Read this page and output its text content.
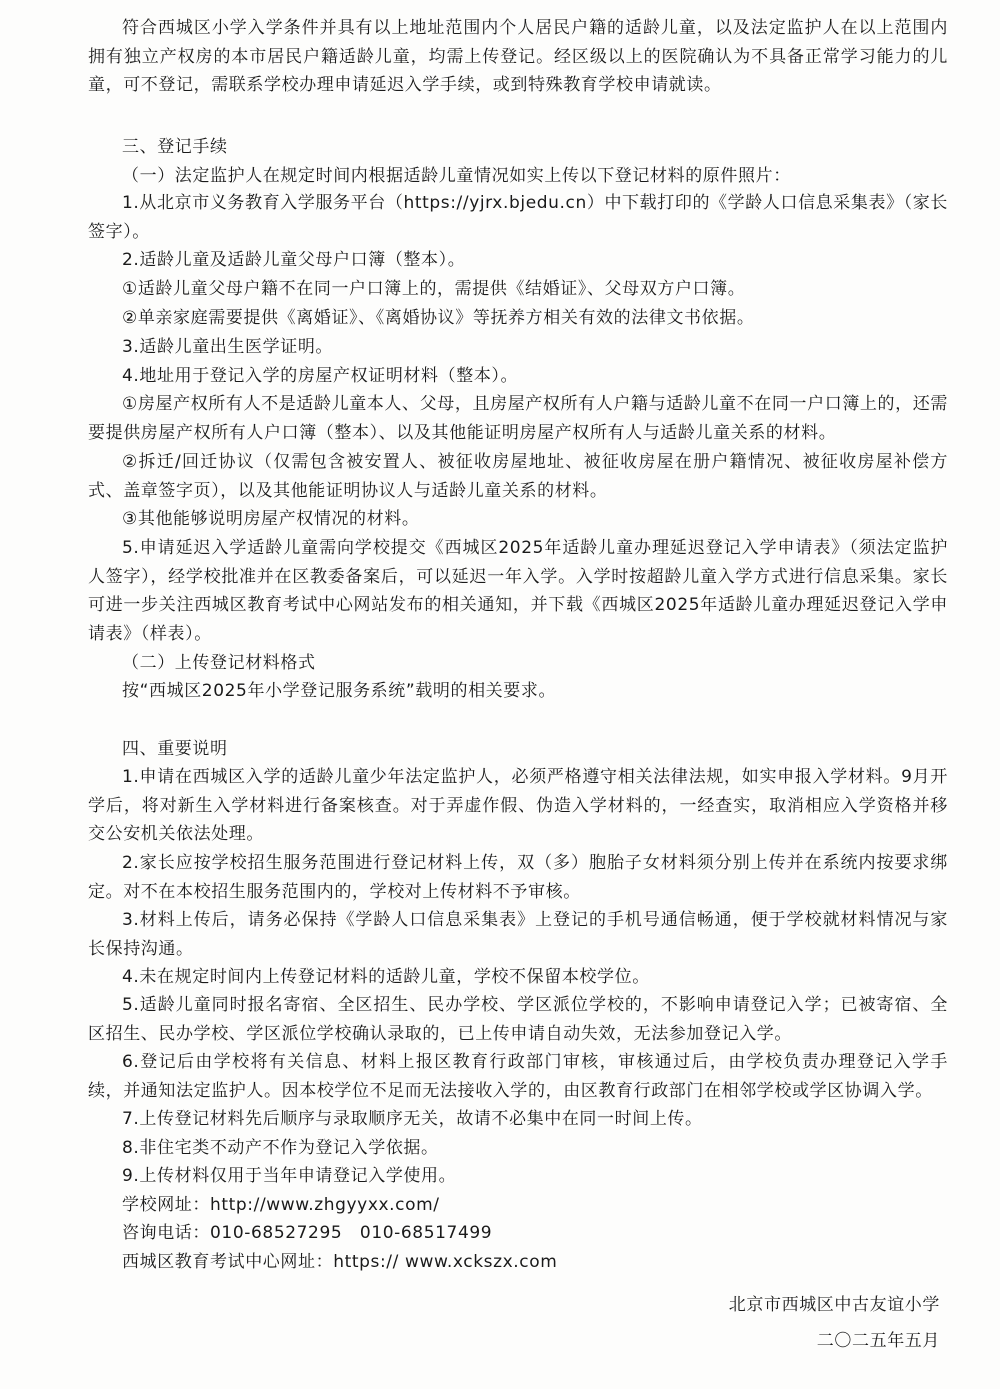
符合西城区小学入学条件并具有以上地址范围内个人居民户籍的适龄儿童，以及法定监护人在以上范围内拥有独立产权房的本市居民户籍适龄儿童，均需上传登记。经区级以上的医院确认为不具备正常学习能力的儿童，可不登记，需联系学校办理申请延迟入学手续，或到特殊教育学校申请就读。

三、登记手续

（一）法定监护人在规定时间内根据适龄儿童情况如实上传以下登记材料的原件照片：

1.从北京市义务教育入学服务平台（https://yjrx.bjedu.cn）中下载打印的《学龄人口信息采集表》（家长签字）。

2.适龄儿童及适龄儿童父母户口簿（整本）。

①适龄儿童父母户籍不在同一户口簿上的，需提供《结婚证》、父母双方户口簿。

②单亲家庭需要提供《离婚证》、《离婚协议》等抚养方相关有效的法律文书依据。

3.适龄儿童出生医学证明。

4.地址用于登记入学的房屋产权证明材料（整本）。

①房屋产权所有人不是适龄儿童本人、父母，且房屋产权所有人户籍与适龄儿童不在同一户口簿上的，还需要提供房屋产权所有人户口簿（整本）、以及其他能证明房屋产权所有人与适龄儿童关系的材料。

②拆迁/回迁协议（仅需包含被安置人、被征收房屋地址、被征收房屋在册户籍情况、被征收房屋补偿方式、盖章签字页），以及其他能证明协议人与适龄儿童关系的材料。

③其他能够说明房屋产权情况的材料。

5.申请延迟入学适龄儿童需向学校提交《西城区2025年适龄儿童办理延迟登记入学申请表》（须法定监护人签字），经学校批准并在区教委备案后，可以延迟一年入学。入学时按超龄儿童入学方式进行信息采集。家长可进一步关注西城区教育考试中心网站发布的相关通知，并下载《西城区2025年适龄儿童办理延迟登记入学申请表》（样表）。

（二）上传登记材料格式

按“西城区2025年小学登记服务系统”载明的相关要求。

四、重要说明

1.申请在西城区入学的适龄儿童少年法定监护人，必须严格遵守相关法律法规，如实申报入学材料。9月开学后，将对新生入学材料进行备案核查。对于弄虚作假、伪造入学材料的，一经查实，取消相应入学资格并移交公安机关依法处理。

2.家长应按学校招生服务范围进行登记材料上传，双（多）胞胎子女材料须分别上传并在系统内按要求绑定。对不在本校招生服务范围内的，学校对上传材料不予审核。

3.材料上传后，请务必保持《学龄人口信息采集表》上登记的手机号通信畅通，便于学校就材料情况与家长保持沟通。

4.未在规定时间内上传登记材料的适龄儿童，学校不保留本校学位。

5.适龄儿童同时报名寄宿、全区招生、民办学校、学区派位学校的，不影响申请登记入学；已被寄宿、全区招生、民办学校、学区派位学校确认录取的，已上传申请自动失效，无法参加登记入学。

6.登记后由学校将有关信息、材料上报区教育行政部门审核，审核通过后，由学校负责办理登记入学手续，并通知法定监护人。因本校学位不足而无法接收入学的，由区教育行政部门在相邻学校或学区协调入学。

7.上传登记材料先后顺序与录取顺序无关，故请不必集中在同一时间上传。

8.非住宅类不动产不作为登记入学依据。

9.上传材料仅用于当年申请登记入学使用。

学校网址：http://www.zhgyyxx.com/

咨询电话：010-68527295　010-68517499

西城区教育考试中心网址：https:// www.xckszx.com

北京市西城区中古友谊小学

二〇二五年五月
